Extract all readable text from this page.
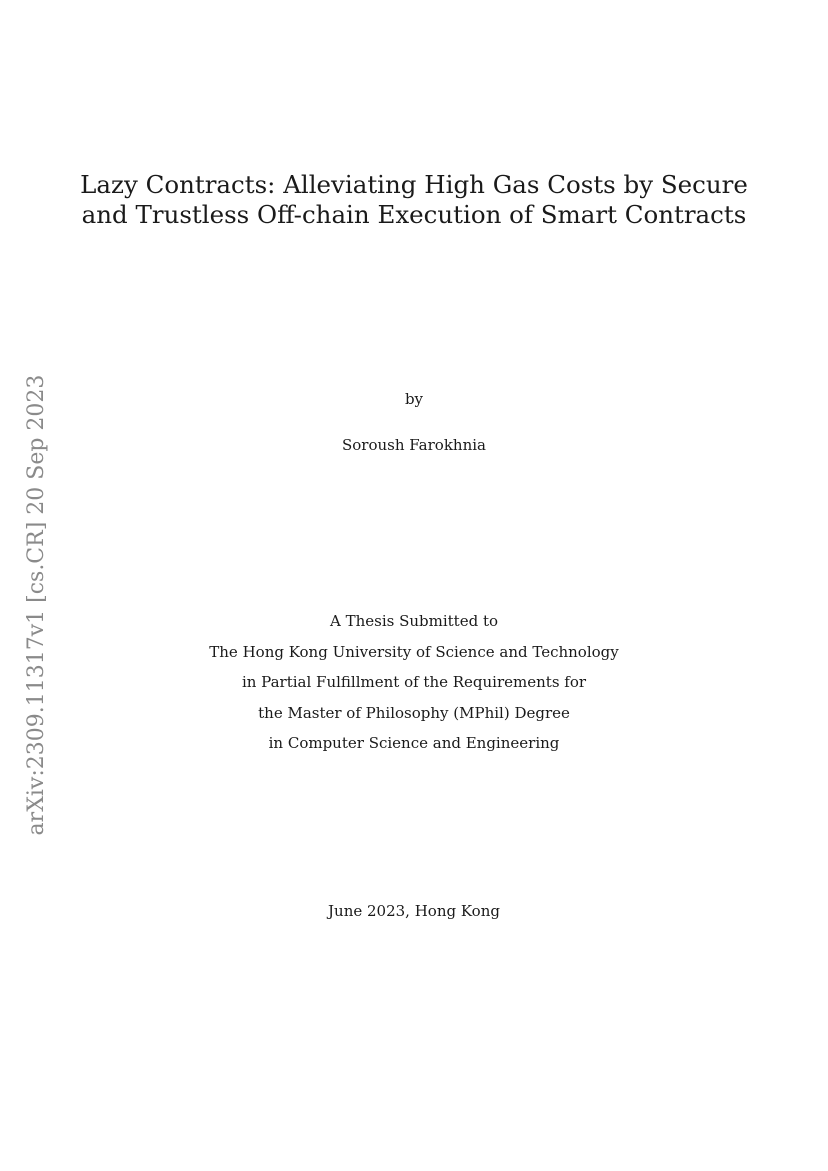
arXiv:2309.11317v1 [cs.CR] 20 Sep 2023
Lazy Contracts: Alleviating High Gas Costs by Secure
and Trustless Off-chain Execution of Smart Contracts
by
Soroush Farokhnia
A Thesis Submitted to
The Hong Kong University of Science and Technology
in Partial Fulfillment of the Requirements for
the Master of Philosophy (MPhil) Degree
in Computer Science and Engineering
June 2023, Hong Kong
